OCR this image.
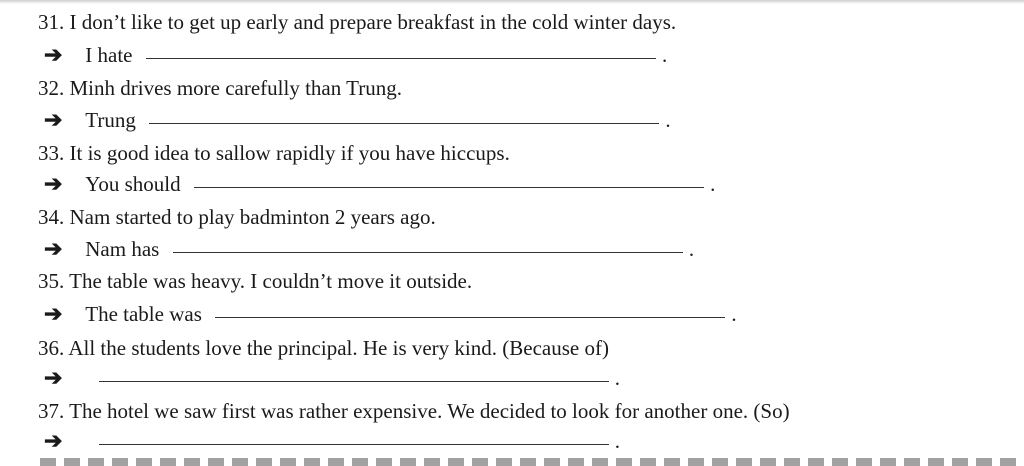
31. I don’t like to get up early and prepare breakfast in the cold winter days.
➔ I hate	.
32. Minh drives more carefully than Trung.
➔ Trung	.
33. It is good idea to sallow rapidly if you have hiccups.
➔ You should	.
34. Nam started to play badminton 2 years ago.
➔ Nam has	.
35. The table was heavy. I couldn’t move it outside.
➔ The table was	.
36. All the students love the principal. He is very kind. (Because of)
➔	.
37. The hotel we saw first was rather expensive. We decided to look for another one. (So)
➔	.
